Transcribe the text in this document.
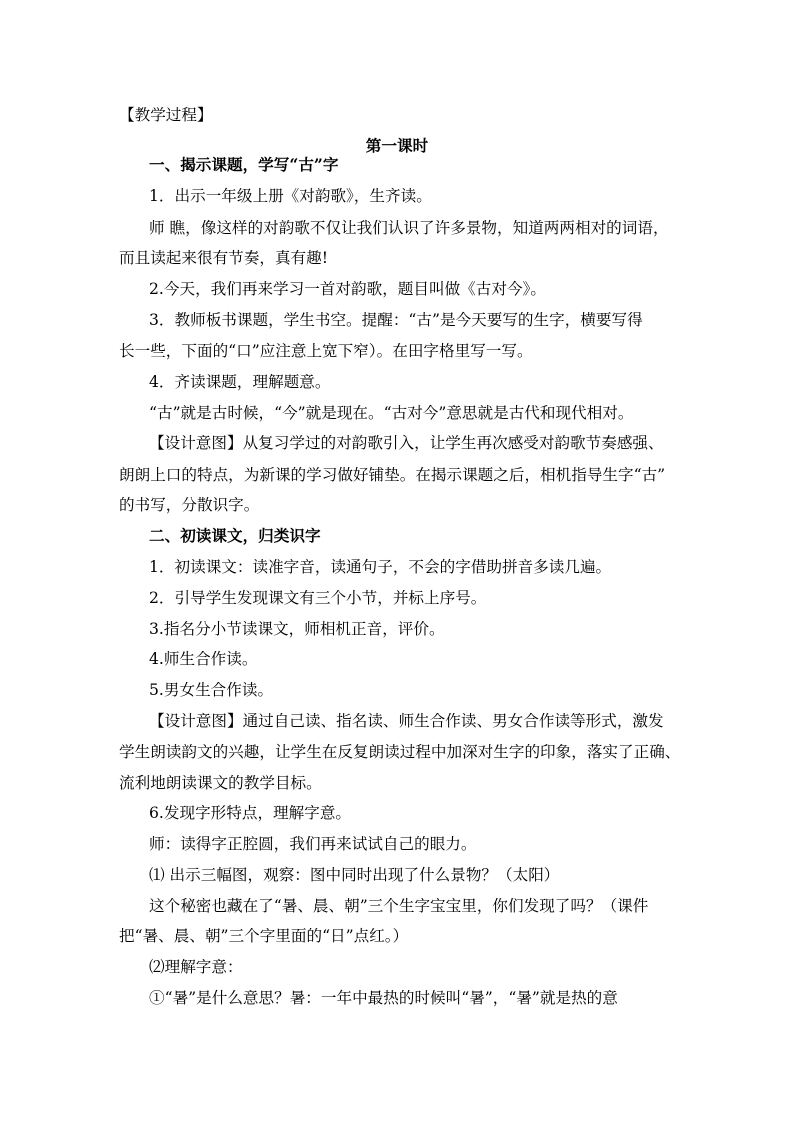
【教学过程】
第一课时
一、揭示课题，学写“古”字
1．出示一年级上册《对韵歌》，生齐读。
师 瞧，像这样的对韵歌不仅让我们认识了许多景物，知道两两相对的词语，
而且读起来很有节奏，真有趣!
2.今天，我们再来学习一首对韵歌，题目叫做《古对今》。
3．教师板书课题，学生书空。提醒：“古”是今天要写的生字，横要写得
长一些，下面的“口”应注意上宽下窄）。在田字格里写一写。
4．齐读课题，理解题意。
“古”就是古时候，“今”就是现在。“古对今”意思就是古代和现代相对。
【设计意图】从复习学过的对韵歌引入，让学生再次感受对韵歌节奏感强、
朗朗上口的特点，为新课的学习做好铺垫。在揭示课题之后，相机指导生字“古”
的书写，分散识字。
二、初读课文，归类识字
1．初读课文：读准字音，读通句子，不会的字借助拼音多读几遍。
2．引导学生发现课文有三个小节，并标上序号。
3.指名分小节读课文，师相机正音，评价。
4.师生合作读。
5.男女生合作读。
【设计意图】通过自己读、指名读、师生合作读、男女合作读等形式，激发
学生朗读韵文的兴趣，让学生在反复朗读过程中加深对生字的印象，落实了正确、
流利地朗读课文的教学目标。
6.发现字形特点，理解字意。
师：读得字正腔圆，我们再来试试自己的眼力。
⑴ 出示三幅图，观察：图中同时出现了什么景物？（太阳）
这个秘密也藏在了“暑、晨、朝”三个生字宝宝里，你们发现了吗？（课件
把“暑、晨、朝”三个字里面的“日”点红。）
⑵理解字意：
①“暑”是什么意思？暑：一年中最热的时候叫“暑”，“暑”就是热的意
